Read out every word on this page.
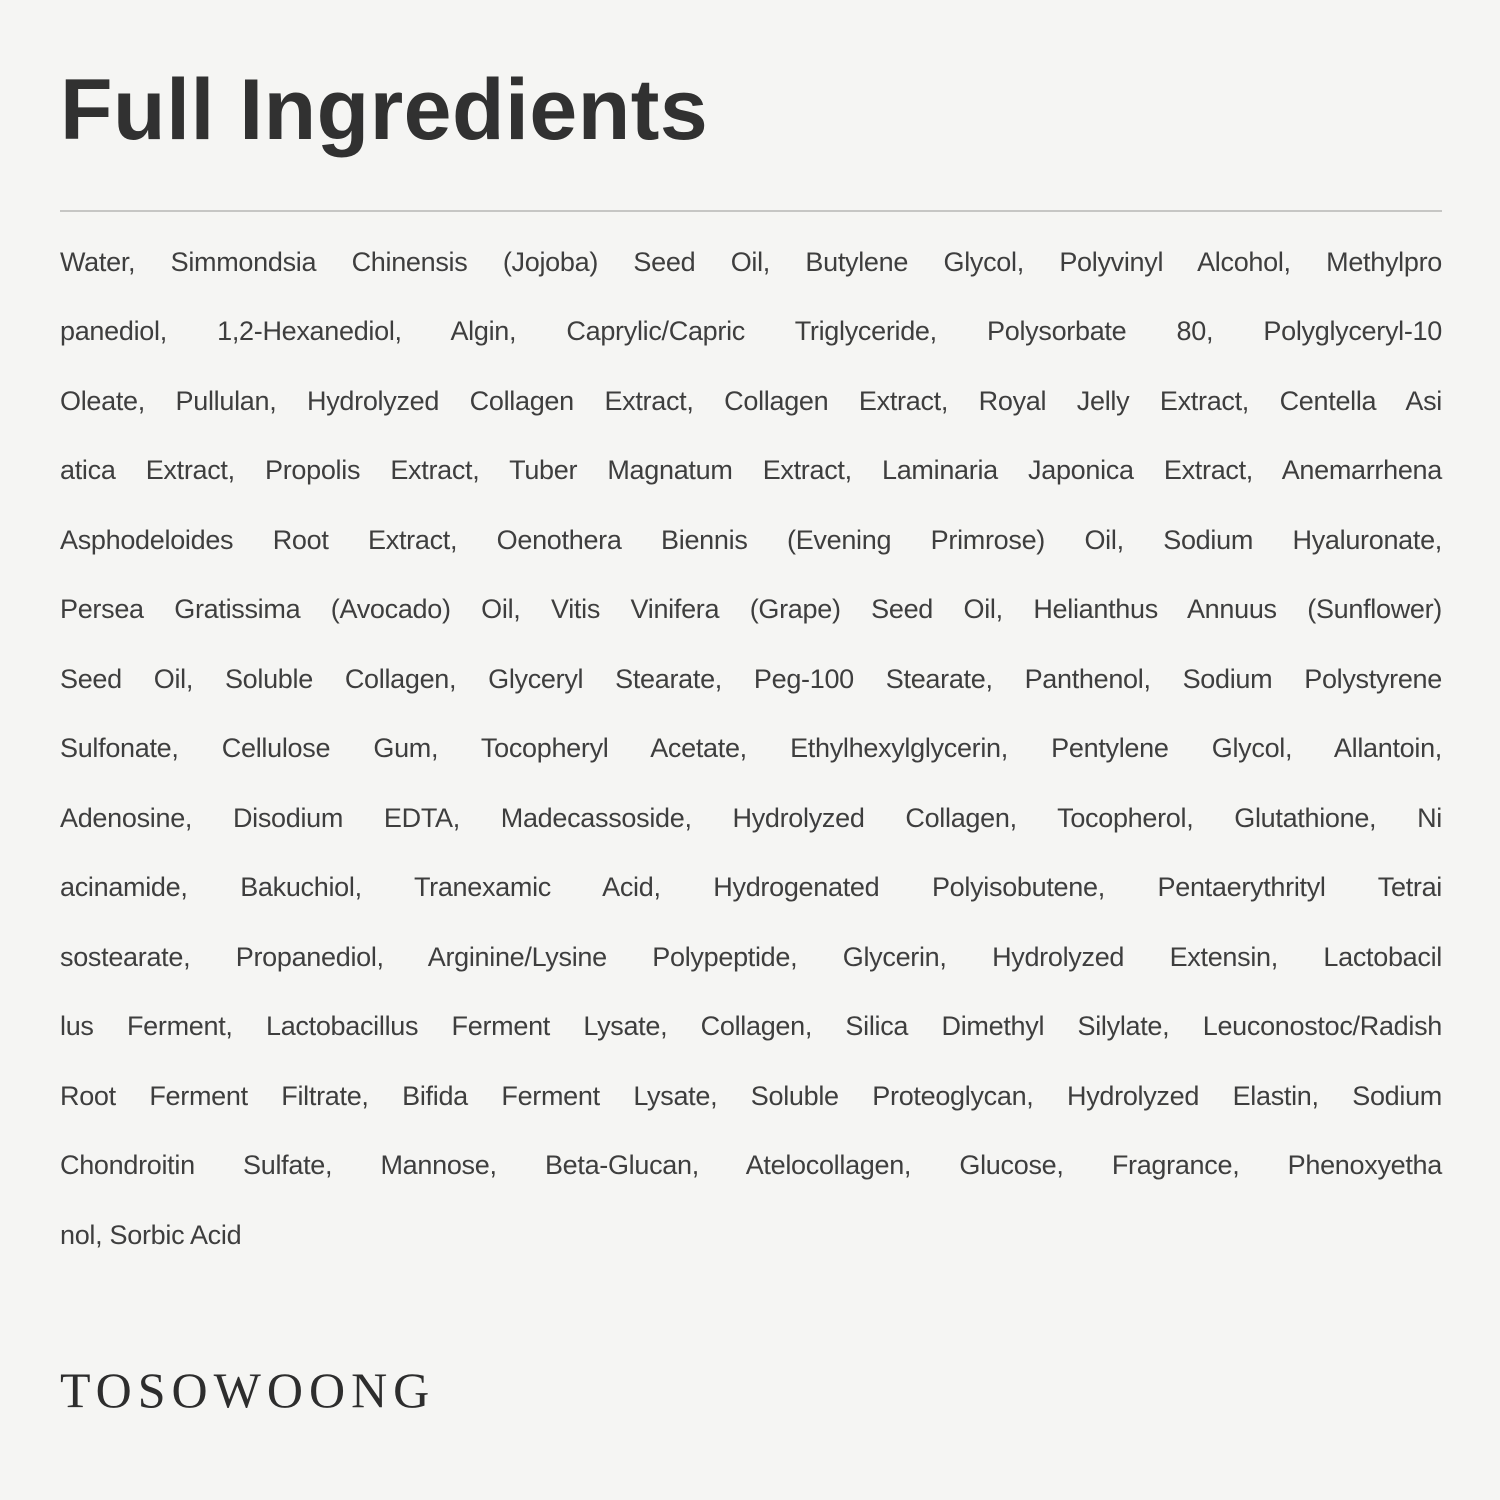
Full Ingredients
Water, Simmondsia Chinensis (Jojoba) Seed Oil, Butylene Glycol, Polyvinyl Alcohol, Methylpro
panediol, 1,2-Hexanediol, Algin, Caprylic/Capric Triglyceride, Polysorbate 80, Polyglyceryl-10
Oleate, Pullulan, Hydrolyzed Collagen Extract, Collagen Extract, Royal Jelly Extract, Centella Asi
atica Extract, Propolis Extract, Tuber Magnatum Extract, Laminaria Japonica Extract, Anemarrhena
Asphodeloides Root Extract, Oenothera Biennis (Evening Primrose) Oil, Sodium Hyaluronate,
Persea Gratissima (Avocado) Oil, Vitis Vinifera (Grape) Seed Oil, Helianthus Annuus (Sunflower)
Seed Oil, Soluble Collagen, Glyceryl Stearate, Peg-100 Stearate, Panthenol, Sodium Polystyrene
Sulfonate, Cellulose Gum, Tocopheryl Acetate, Ethylhexylglycerin, Pentylene Glycol, Allantoin,
Adenosine, Disodium EDTA, Madecassoside, Hydrolyzed Collagen, Tocopherol, Glutathione, Ni
acinamide, Bakuchiol, Tranexamic Acid, Hydrogenated Polyisobutene, Pentaerythrityl Tetrai
sostearate, Propanediol, Arginine/Lysine Polypeptide, Glycerin, Hydrolyzed Extensin, Lactobacil
lus Ferment, Lactobacillus Ferment Lysate, Collagen, Silica Dimethyl Silylate, Leuconostoc/Radish
Root Ferment Filtrate, Bifida Ferment Lysate, Soluble Proteoglycan, Hydrolyzed Elastin, Sodium
Chondroitin Sulfate, Mannose, Beta-Glucan, Atelocollagen, Glucose, Fragrance, Phenoxyetha
nol, Sorbic Acid
TOSOWOONG
